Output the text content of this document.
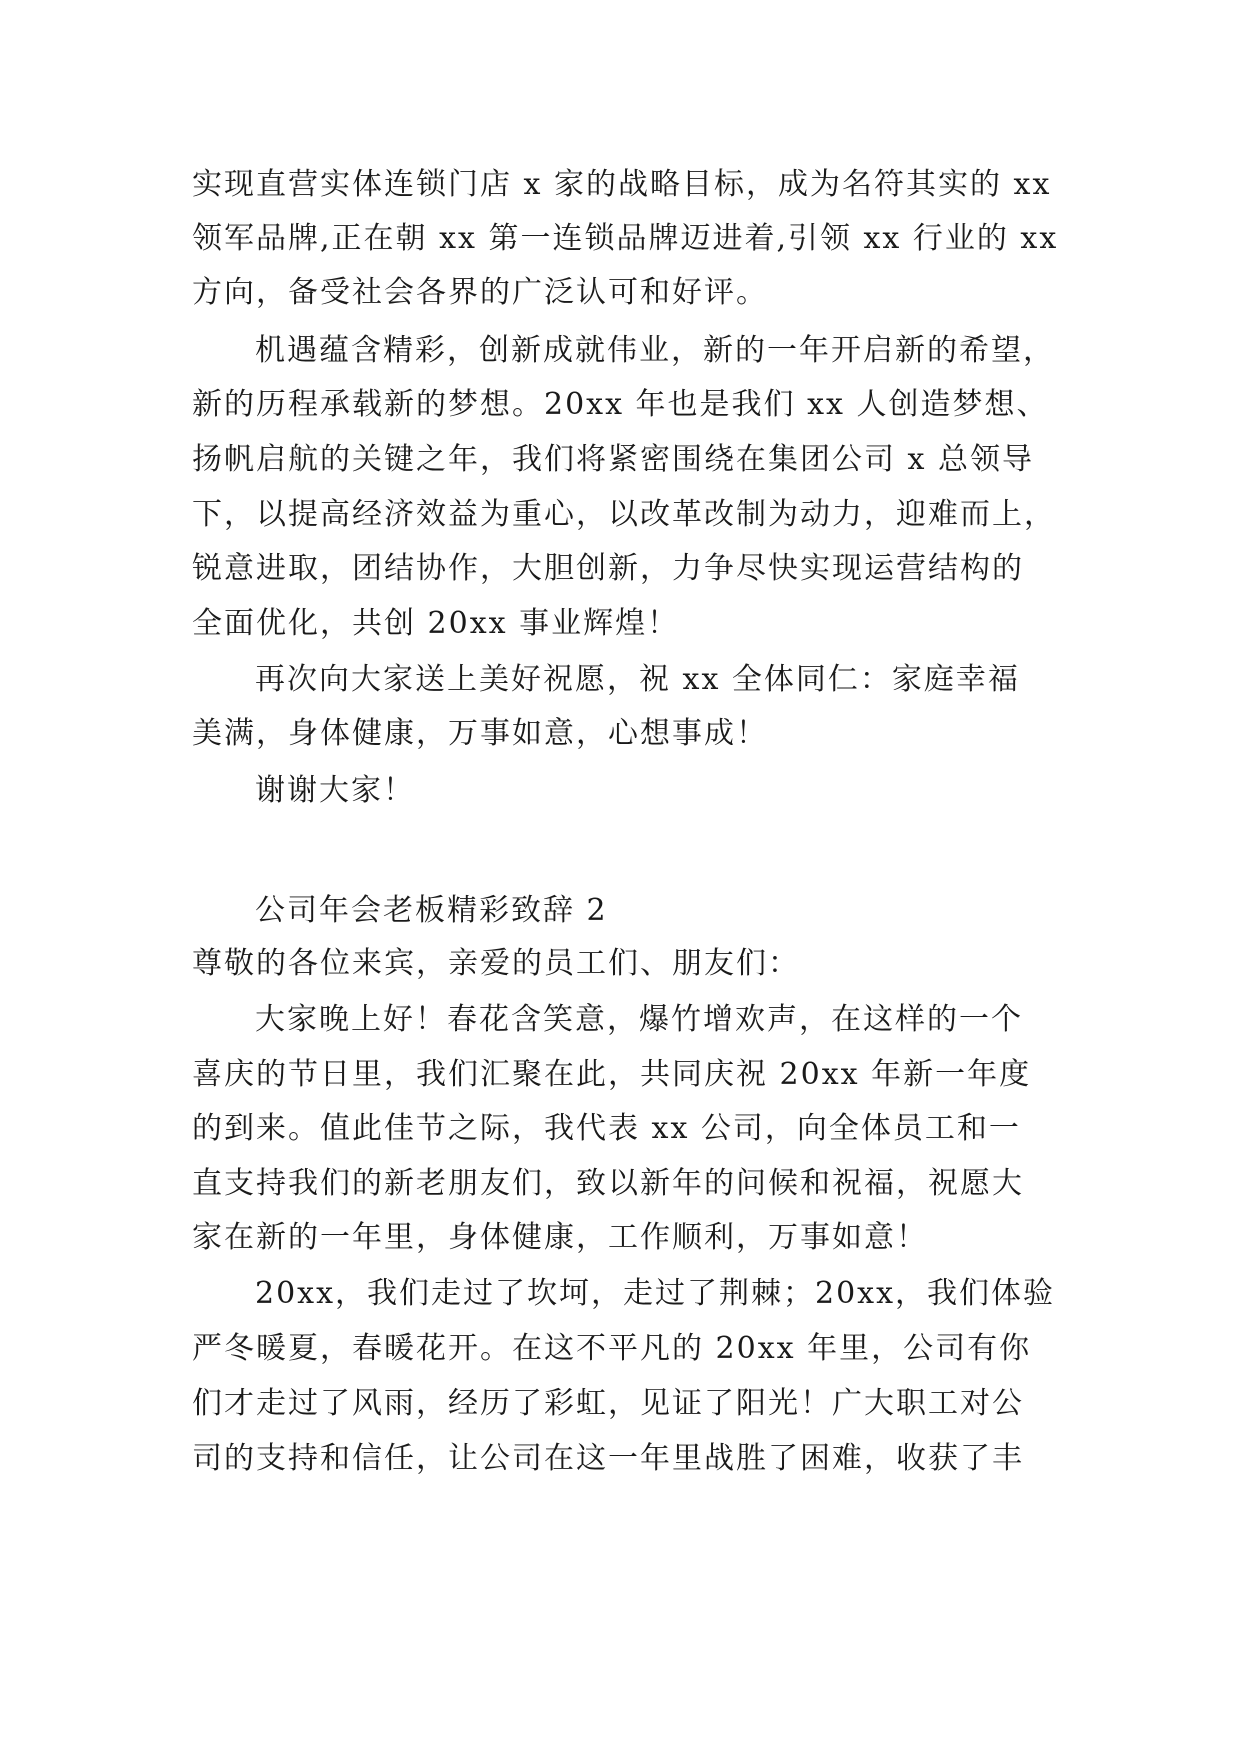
实现直营实体连锁门店 x 家的战略目标，成为名符其实的 xx
领军品牌,正在朝 xx 第一连锁品牌迈进着,引领 xx 行业的 xx
方向，备受社会各界的广泛认可和好评。
机遇蕴含精彩，创新成就伟业，新的一年开启新的希望，
新的历程承载新的梦想。20xx 年也是我们 xx 人创造梦想、
扬帆启航的关键之年，我们将紧密围绕在集团公司 x 总领导
下，以提高经济效益为重心，以改革改制为动力，迎难而上，
锐意进取，团结协作，大胆创新，力争尽快实现运营结构的
全面优化，共创 20xx 事业辉煌！
再次向大家送上美好祝愿，祝 xx 全体同仁：家庭幸福
美满，身体健康，万事如意，心想事成！
谢谢大家！
公司年会老板精彩致辞 2
尊敬的各位来宾，亲爱的员工们、朋友们：
大家晚上好！春花含笑意，爆竹增欢声，在这样的一个
喜庆的节日里，我们汇聚在此，共同庆祝 20xx 年新一年度
的到来。值此佳节之际，我代表 xx 公司，向全体员工和一
直支持我们的新老朋友们，致以新年的问候和祝福，祝愿大
家在新的一年里，身体健康，工作顺利，万事如意！
20xx，我们走过了坎坷，走过了荆棘；20xx，我们体验
严冬暖夏，春暖花开。在这不平凡的 20xx 年里，公司有你
们才走过了风雨，经历了彩虹，见证了阳光！广大职工对公
司的支持和信任，让公司在这一年里战胜了困难，收获了丰
